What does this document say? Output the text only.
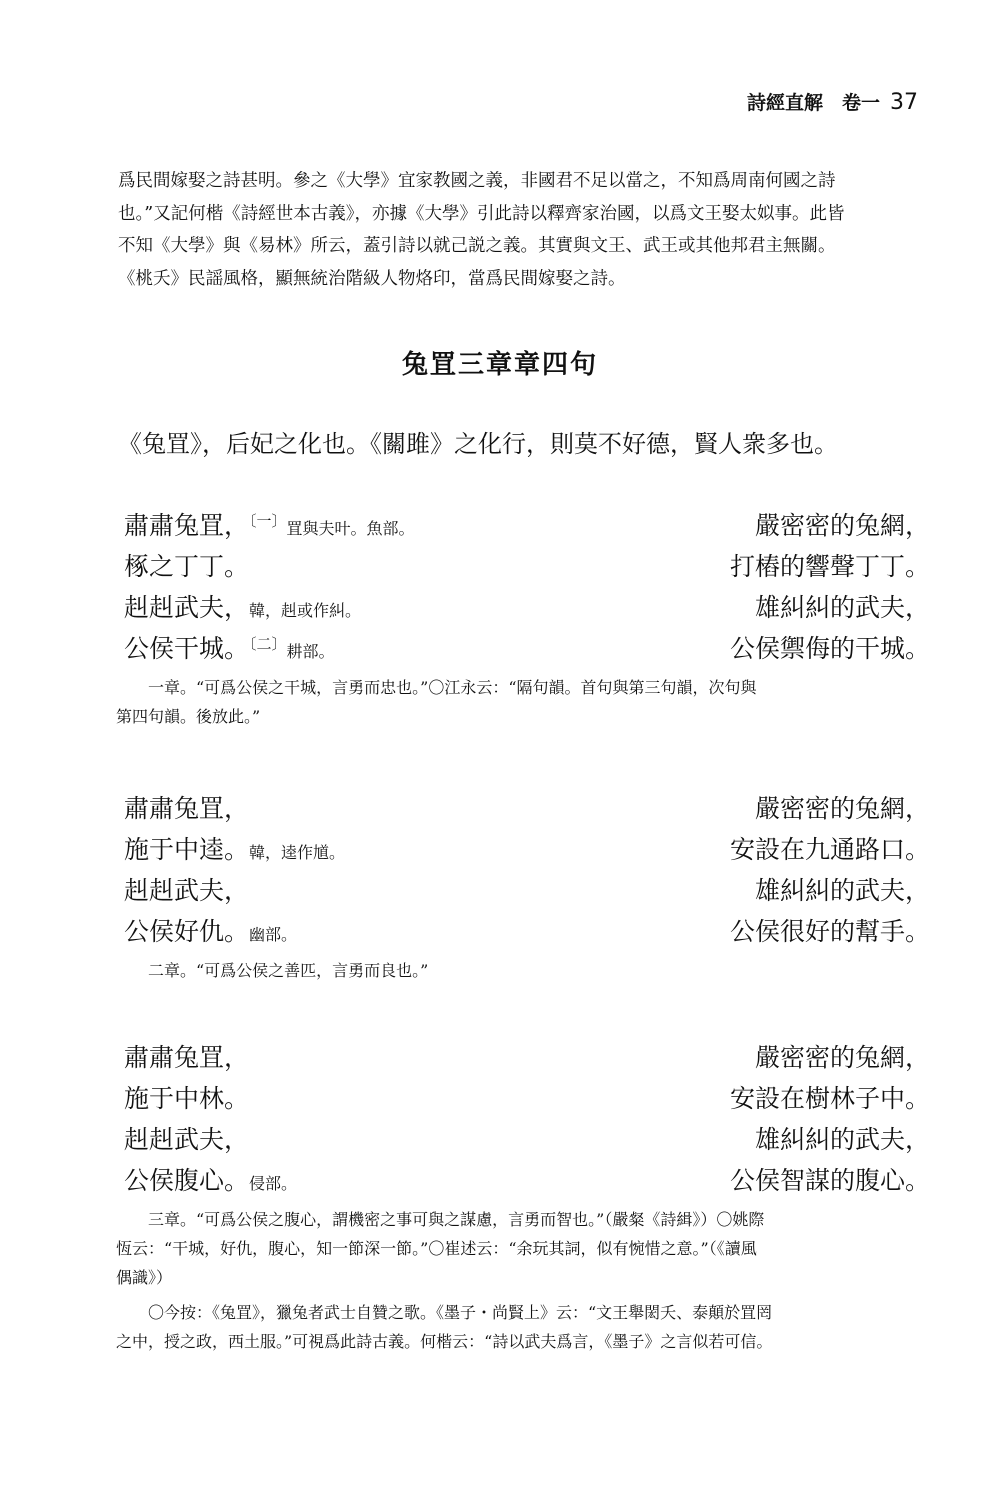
詩經直解　卷一 37

爲民間嫁娶之詩甚明。參之《大學》宜家教國之義，非國君不足以當之，不知爲周南何國之詩

也。”又記何楷《詩經世本古義》，亦據《大學》引此詩以釋齊家治國，以爲文王娶太姒事。此皆

不知《大學》與《易林》所云，蓋引詩以就己説之義。其實與文王、武王或其他邦君主無關。

《桃夭》民謡風格，顯無統治階級人物烙印，當爲民間嫁娶之詩。

兔罝三章章四句
《兔罝》，后妃之化也。《關雎》之化行，則莫不好德，賢人衆多也。
肅肅兔罝，$^{〔一〕}$罝與夫叶。魚部。	嚴密密的兔網，
椓之丁丁。	打樁的響聲丁丁。
赳赳武夫，韓，赳或作糾。	雄糾糾的武夫，
公侯干城。$^{〔二〕}$耕部。	公侯禦侮的干城。

一章。“可爲公侯之干城，言勇而忠也。”〇江永云：“隔句韻。首句與第三句韻，次句與

第四句韻。後放此。”

肅肅兔罝，	嚴密密的兔網，
施于中逵。韓，逵作馗。	安設在九通路口。
赳赳武夫，	雄糾糾的武夫，
公侯好仇。幽部。	公侯很好的幫手。

二章。“可爲公侯之善匹，言勇而良也。”

肅肅兔罝，	嚴密密的兔網，
施于中林。	安設在樹林子中。
赳赳武夫，	雄糾糾的武夫，
公侯腹心。侵部。	公侯智謀的腹心。

三章。“可爲公侯之腹心，謂機密之事可與之謀慮，言勇而智也。”（嚴粲《詩緝》）〇姚際

恆云：“干城，好仇，腹心，知一節深一節。”〇崔述云：“余玩其詞，似有惋惜之意。”（《讀風

偶識》）

〇今按：《兔罝》，獵兔者武士自贊之歌。《墨子・尚賢上》云：“文王舉閎夭、泰顛於罝罔

之中，授之政，西土服。”可視爲此詩古義。何楷云：“詩以武夫爲言，《墨子》之言似若可信。
